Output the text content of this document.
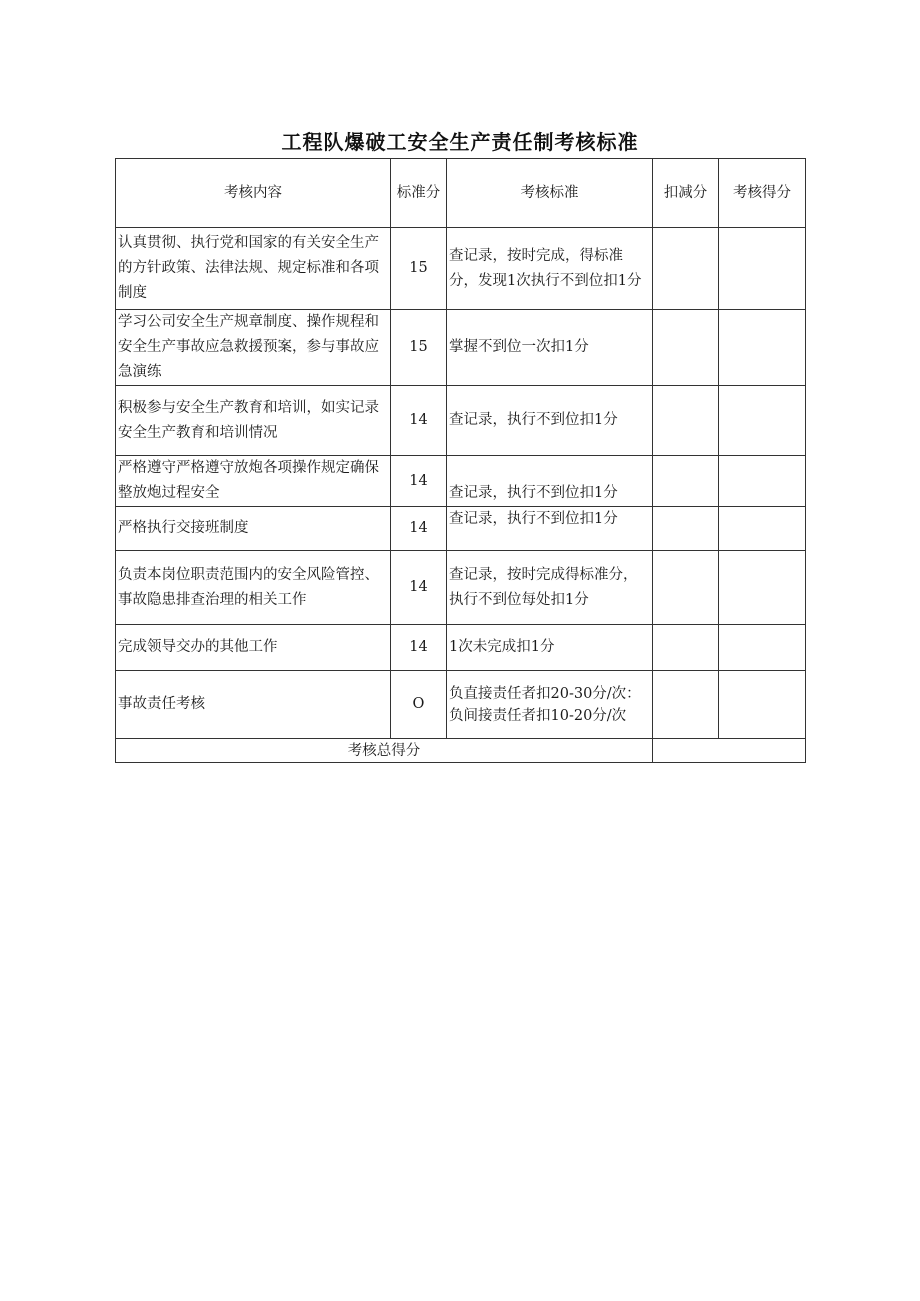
工程队爆破工安全生产责任制考核标准
考核内容	标准分	考核标准	扣减分	考核得分
认真贯彻、执行党和国家的有关安全生产的方针政策、法律法规、规定标准和各项制度	15	查记录，按时完成，得标准分，发现1次执行不到位扣1分		
学习公司安全生产规章制度、操作规程和安全生产事故应急救援预案，参与事故应急演练	15	掌握不到位一次扣1分		
积极参与安全生产教育和培训，如实记录安全生产教育和培训情况	14	查记录，执行不到位扣1分		
严格遵守严格遵守放炮各项操作规定确保整放炮过程安全	14	查记录，执行不到位扣1分		
严格执行交接班制度	14	查记录，执行不到位扣1分		
负责本岗位职责范围内的安全风险管控、事故隐患排查治理的相关工作	14	查记录，按时完成得标准分，执行不到位每处扣1分		
完成领导交办的其他工作	14	1次未完成扣1分		
事故责任考核	O	负直接责任者扣20-30分/次：负间接责任者扣10-20分/次		
考核总得分				
